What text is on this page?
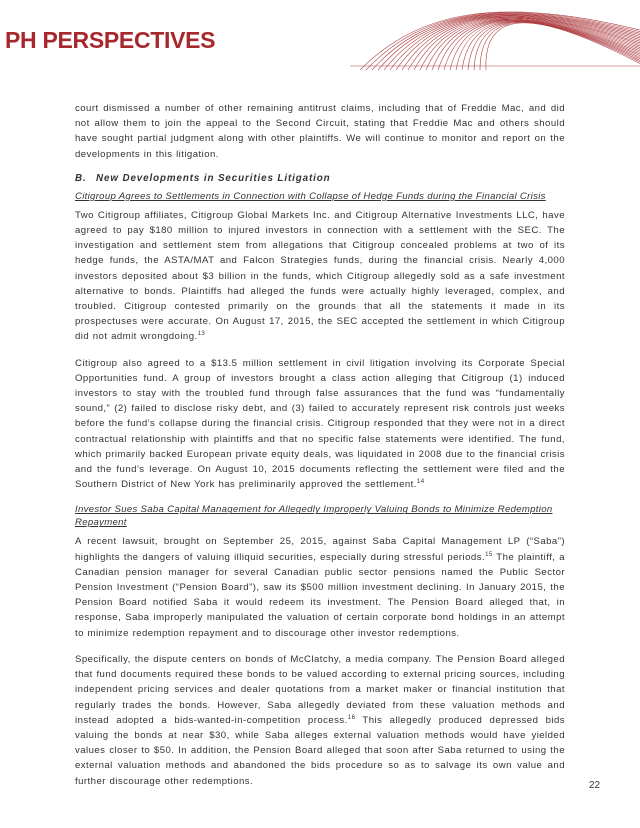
PH PERSPECTIVES

court dismissed a number of other remaining antitrust claims, including that of Freddie Mac, and did not allow them to join the appeal to the Second Circuit, stating that Freddie Mac and others should have sought partial judgment along with other plaintiffs. We will continue to monitor and report on the developments in this litigation.

B. New Developments in Securities Litigation
Citigroup Agrees to Settlements in Connection with Collapse of Hedge Funds during the Financial Crisis

Two Citigroup affiliates, Citigroup Global Markets Inc. and Citigroup Alternative Investments LLC, have agreed to pay $180 million to injured investors in connection with a settlement with the SEC. The investigation and settlement stem from allegations that Citigroup concealed problems at two of its hedge funds, the ASTA/MAT and Falcon Strategies funds, during the financial crisis. Nearly 4,000 investors deposited about $3 billion in the funds, which Citigroup allegedly sold as a safe investment alternative to bonds. Plaintiffs had alleged the funds were actually highly leveraged, complex, and troubled. Citigroup contested primarily on the grounds that all the statements it made in its prospectuses were accurate. On August 17, 2015, the SEC accepted the settlement in which Citigroup did not admit wrongdoing.$^{13}$

Citigroup also agreed to a $13.5 million settlement in civil litigation involving its Corporate Special Opportunities fund. A group of investors brought a class action alleging that Citigroup (1) induced investors to stay with the troubled fund through false assurances that the fund was “fundamentally sound,” (2) failed to disclose risky debt, and (3) failed to accurately represent risk controls just weeks before the fund’s collapse during the financial crisis. Citigroup responded that they were not in a direct contractual relationship with plaintiffs and that no specific false statements were identified. The fund, which primarily backed European private equity deals, was liquidated in 2008 due to the financial crisis and the fund’s leverage. On August 10, 2015 documents reflecting the settlement were filed and the Southern District of New York has preliminarily approved the settlement.$^{14}$

Investor Sues Saba Capital Management for Allegedly Improperly Valuing Bonds to Minimize Redemption Repayment

A recent lawsuit, brought on September 25, 2015, against Saba Capital Management LP (“Saba”) highlights the dangers of valuing illiquid securities, especially during stressful periods.$^{15}$ The plaintiff, a Canadian pension manager for several Canadian public sector pensions named the Public Sector Pension Investment (“Pension Board”), saw its $500 million investment declining. In January 2015, the Pension Board notified Saba it would redeem its investment. The Pension Board alleged that, in response, Saba improperly manipulated the valuation of certain corporate bond holdings in an attempt to minimize redemption repayment and to discourage other investor redemptions.

Specifically, the dispute centers on bonds of McClatchy, a media company. The Pension Board alleged that fund documents required these bonds to be valued according to external pricing sources, including independent pricing services and dealer quotations from a market maker or financial institution that regularly trades the bonds. However, Saba allegedly deviated from these valuation methods and instead adopted a bids-wanted-in-competition process.$^{16}$ This allegedly produced depressed bids valuing the bonds at near $30, while Saba alleges external valuation methods would have yielded values closer to $50. In addition, the Pension Board alleged that soon after Saba returned to using the external valuation methods and abandoned the bids procedure so as to salvage its own value and further discourage other redemptions.	22
